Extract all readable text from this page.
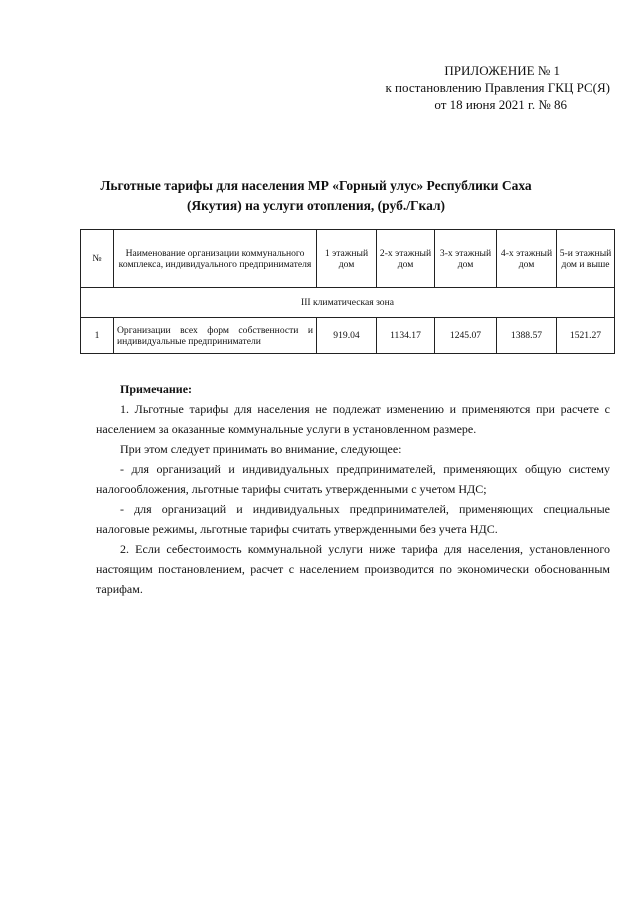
ПРИЛОЖЕНИЕ № 1
к постановлению Правления ГКЦ РС(Я)
от 18 июня 2021 г. № 86
Льготные тарифы для населения МР «Горный улус» Республики Саха (Якутия) на услуги отопления, (руб./Гкал)
№	Наименование организации коммунального комплекса, индивидуального предпринимателя	1 этажный дом	2-х этажный дом	3-х этажный дом	4-х этажный дом	5-и этажный дом и выше
III климатическая зона						
1	Организации всех форм собственности и индивидуальные предприниматели	919.04	1134.17	1245.07	1388.57	1521.27

Примечание:

1. Льготные тарифы для населения не подлежат изменению и применяются при расчете с населением за оказанные коммунальные услуги в установленном размере.

При этом следует принимать во внимание, следующее:

- для организаций и индивидуальных предпринимателей, применяющих общую систему налогообложения, льготные тарифы считать утвержденными с учетом НДС;

- для организаций и индивидуальных предпринимателей, применяющих специальные налоговые режимы, льготные тарифы считать утвержденными без учета НДС.

2. Если себестоимость коммунальной услуги ниже тарифа для населения, установленного настоящим постановлением, расчет с населением производится по экономически обоснованным тарифам.
